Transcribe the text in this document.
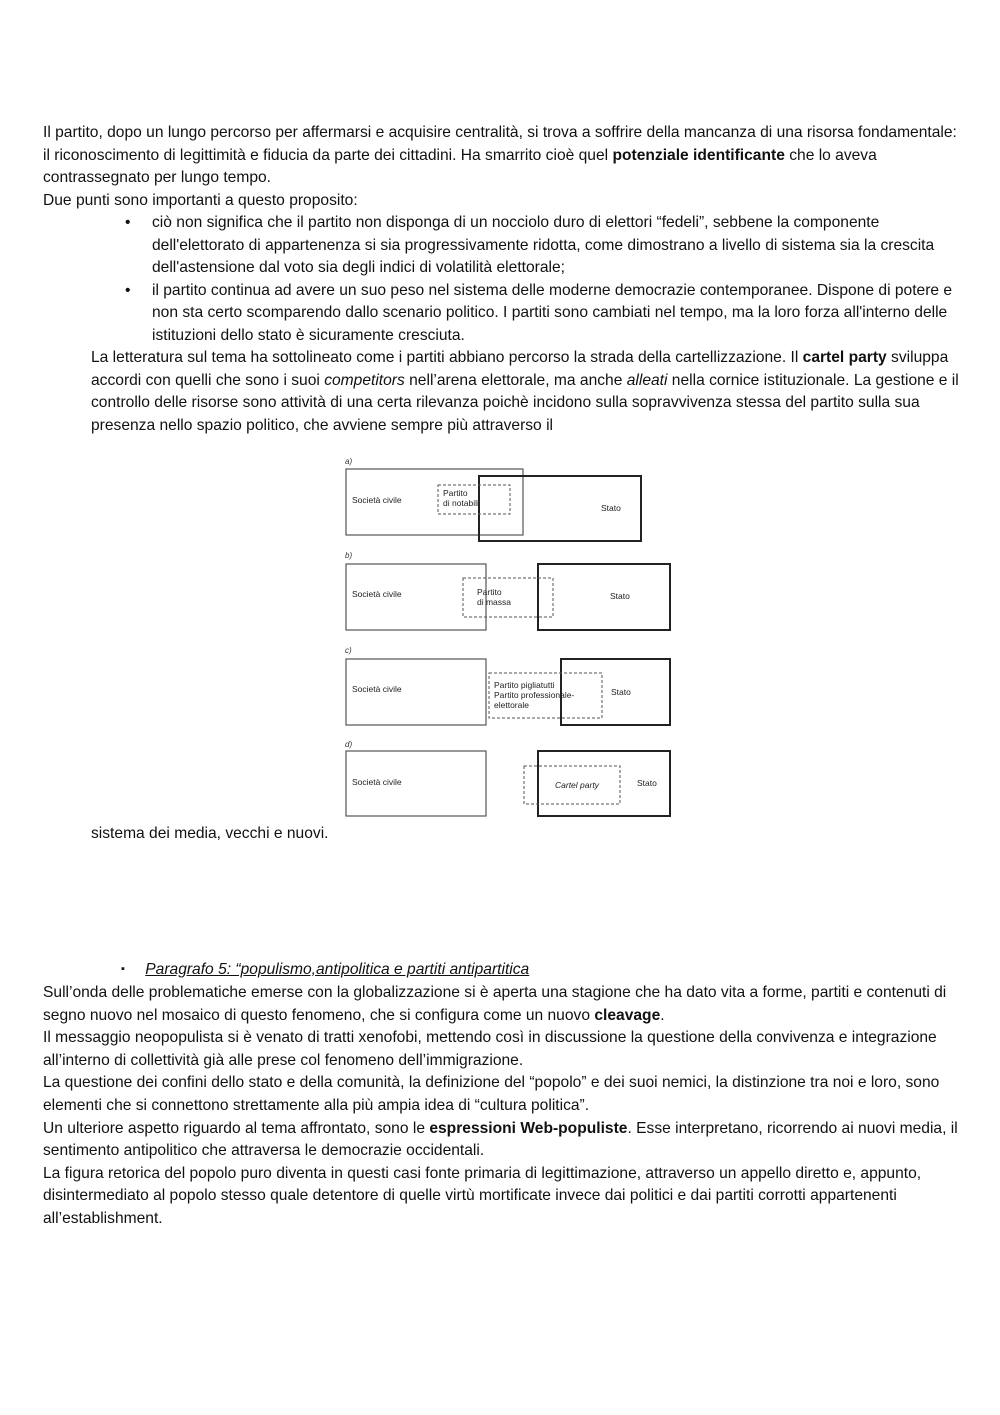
Il partito, dopo un lungo percorso per affermarsi e acquisire centralità, si trova a soffrire della mancanza di una risorsa fondamentale: il riconoscimento di legittimità e fiducia da parte dei cittadini. Ha smarrito cioè quel potenziale identificante che lo aveva contrassegnato per lungo tempo.

Due punti sono importanti a questo proposito:

• ciò non significa che il partito non disponga di un nocciolo duro di elettori “fedeli”, sebbene la componente dell'elettorato di appartenenza si sia progressivamente ridotta, come dimostrano a livello di sistema sia la crescita dell'astensione dal voto sia degli indici di volatilità elettorale;
• il partito continua ad avere un suo peso nel sistema delle moderne democrazie contemporanee. Dispone di potere e non sta certo scomparendo dallo scenario politico. I partiti sono cambiati nel tempo, ma la loro forza all'interno delle istituzioni dello stato è sicuramente cresciuta.

La letteratura sul tema ha sottolineato come i partiti abbiano percorso la strada della cartellizzazione. Il cartel party sviluppa accordi con quelli che sono i suoi competitors nell’arena elettorale, ma anche alleati nella cornice istituzionale. La gestione e il controllo delle risorse sono attività di una certa rilevanza poichè incidono sulla sopravvivenza stessa del partito sulla sua presenza nello spazio politico, che avviene sempre più attraverso il

a)
Società civile
Partito
di notabili	Stato
b)
Società civile	Partito
di massa
Stato
c)
Società civile	Partito pigliatutti
Partito professionale-
elettorale
Stato
d)
Società civile	Cartel party	Stato

sistema dei media, vecchi e nuovi.

▪ Paragrafo 5: “populismo,antipolitica e partiti antipartitica

Sull’onda delle problematiche emerse con la globalizzazione si è aperta una stagione che ha dato vita a forme, partiti e contenuti di segno nuovo nel mosaico di questo fenomeno, che si configura come un nuovo cleavage.

Il messaggio neopopulista si è venato di tratti xenofobi, mettendo così in discussione la questione della convivenza e integrazione all’interno di collettività già alle prese col fenomeno dell’immigrazione.

La questione dei confini dello stato e della comunità, la definizione del “popolo” e dei suoi nemici, la distinzione tra noi e loro, sono elementi che si connettono strettamente alla più ampia idea di “cultura politica”.

Un ulteriore aspetto riguardo al tema affrontato, sono le espressioni Web-populiste. Esse interpretano, ricorrendo ai nuovi media, il sentimento antipolitico che attraversa le democrazie occidentali.

La figura retorica del popolo puro diventa in questi casi fonte primaria di legittimazione, attraverso un appello diretto e, appunto, disintermediato al popolo stesso quale detentore di quelle virtù mortificate invece dai politici e dai partiti corrotti appartenenti all’establishment.
